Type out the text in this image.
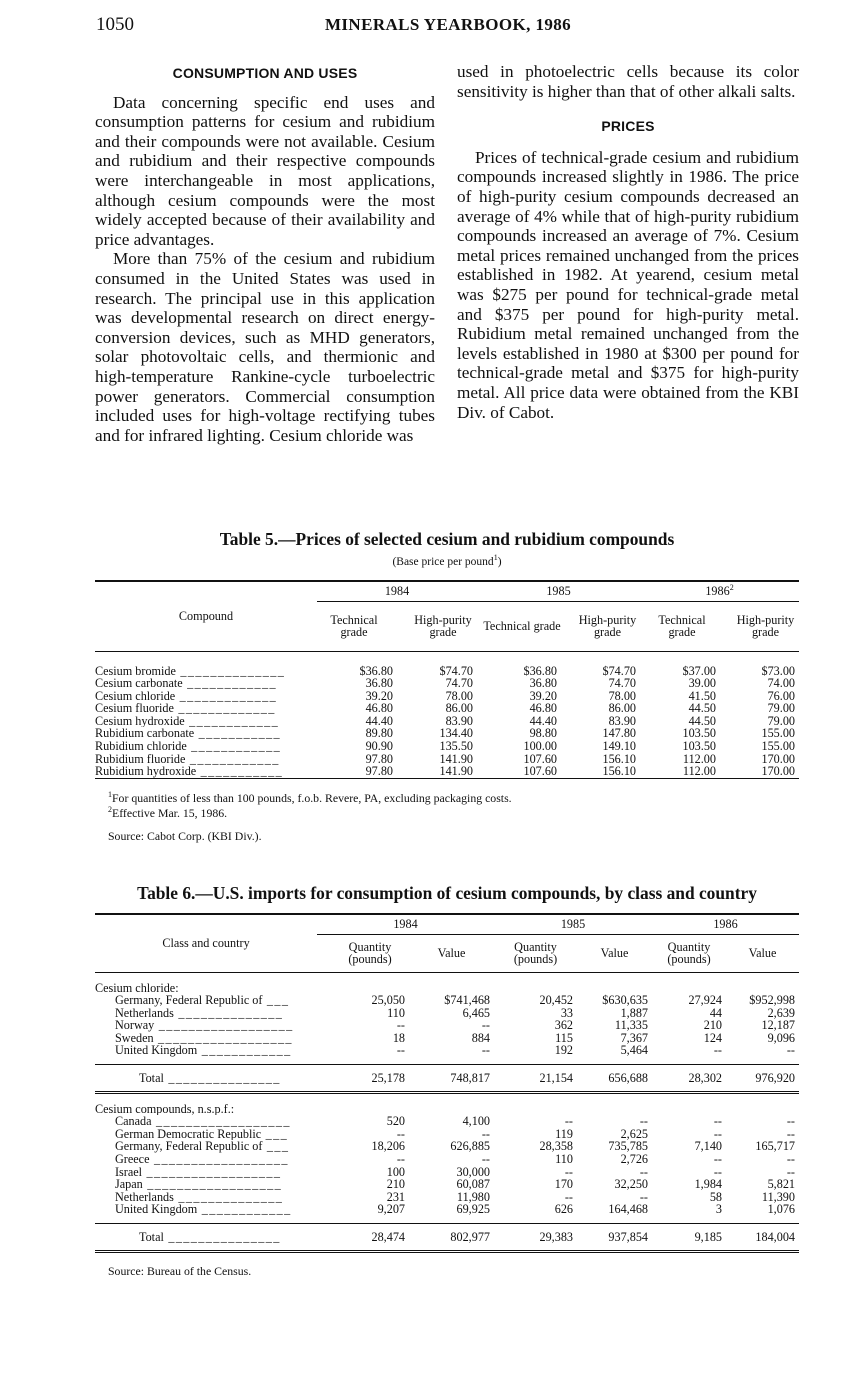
1050	MINERALS YEARBOOK, 1986
CONSUMPTION AND USES

Data concerning specific end uses and consumption patterns for cesium and rubidium and their compounds were not available. Cesium and rubidium and their respective compounds were interchangeable in most applications, although cesium compounds were the most widely accepted because of their availability and price advantages.

More than 75% of the cesium and rubidium consumed in the United States was used in research. The principal use in this application was developmental research on direct energy-conversion devices, such as MHD generators, solar photovoltaic cells, and thermionic and high-temperature Rankine-cycle turboelectric power generators. Commercial consumption included uses for high-voltage rectifying tubes and for infrared lighting. Cesium chloride was

used in photoelectric cells because its color sensitivity is higher than that of other alkali salts.

PRICES

Prices of technical-grade cesium and rubidium compounds increased slightly in 1986. The price of high-purity cesium compounds decreased an average of 4% while that of high-purity rubidium compounds increased an average of 7%. Cesium metal prices remained unchanged from the prices established in 1982. At yearend, cesium metal was $275 per pound for technical-grade metal and $375 per pound for high-purity metal. Rubidium metal remained unchanged from the levels established in 1980 at $300 per pound for technical-grade metal and $375 for high-purity metal. All price data were obtained from the KBI Div. of Cabot.

Table 5.—Prices of selected cesium and rubidium compounds
(Base price per pound$^1$)
Compound	1984		1985		1986$^2$
	Technical grade	High-purity grade	Technical grade	High-purity grade	Technical grade	High-purity grade

Cesium bromide ______________	$36.80	$74.70	$36.80	$74.70	$37.00	$73.00
Cesium carbonate ____________	36.80	74.70	36.80	74.70	39.00	74.00
Cesium chloride _____________	39.20	78.00	39.20	78.00	41.50	76.00
Cesium fluoride _____________	46.80	86.00	46.80	86.00	44.50	79.00
Cesium hydroxide ____________	44.40	83.90	44.40	83.90	44.50	79.00
Rubidium carbonate ___________	89.80	134.40	98.80	147.80	103.50	155.00
Rubidium chloride ____________	90.90	135.50	100.00	149.10	103.50	155.00
Rubidium fluoride ____________	97.80	141.90	107.60	156.10	112.00	170.00
Rubidium hydroxide ___________	97.80	141.90	107.60	156.10	112.00	170.00
$^1$For quantities of less than 100 pounds, f.o.b. Revere, PA, excluding packaging costs.
$^2$Effective Mar. 15, 1986.
Source: Cabot Corp. (KBI Div.).
Table 6.—U.S. imports for consumption of cesium compounds, by class and country
Class and country	1984		1985		1986	
	Quantity (pounds)	Value	Quantity (pounds)	Value	Quantity (pounds)	Value

Cesium chloride:						
Germany, Federal Republic of ___	25,050	$741,468	20,452	$630,635	27,924	$952,998
Netherlands ______________	110	6,465	33	1,887	44	2,639
Norway __________________	--	--	362	11,335	210	12,187
Sweden __________________	18	884	115	7,367	124	9,096
United Kingdom ____________	--	--	192	5,464	--	--

Total _______________	25,178	748,817	21,154	656,688	28,302	976,920

Cesium compounds, n.s.p.f.:						
Canada __________________	520	4,100	--	--	--	--
German Democratic Republic ___	--	--	119	2,625	--	--
Germany, Federal Republic of ___	18,206	626,885	28,358	735,785	7,140	165,717
Greece __________________	--	--	110	2,726	--	--
Israel __________________	100	30,000	--	--	--	--
Japan __________________	210	60,087	170	32,250	1,984	5,821
Netherlands ______________	231	11,980	--	--	58	11,390
United Kingdom ____________	9,207	69,925	626	164,468	3	1,076

Total _______________	28,474	802,977	29,383	937,854	9,185	184,004
Source: Bureau of the Census.
